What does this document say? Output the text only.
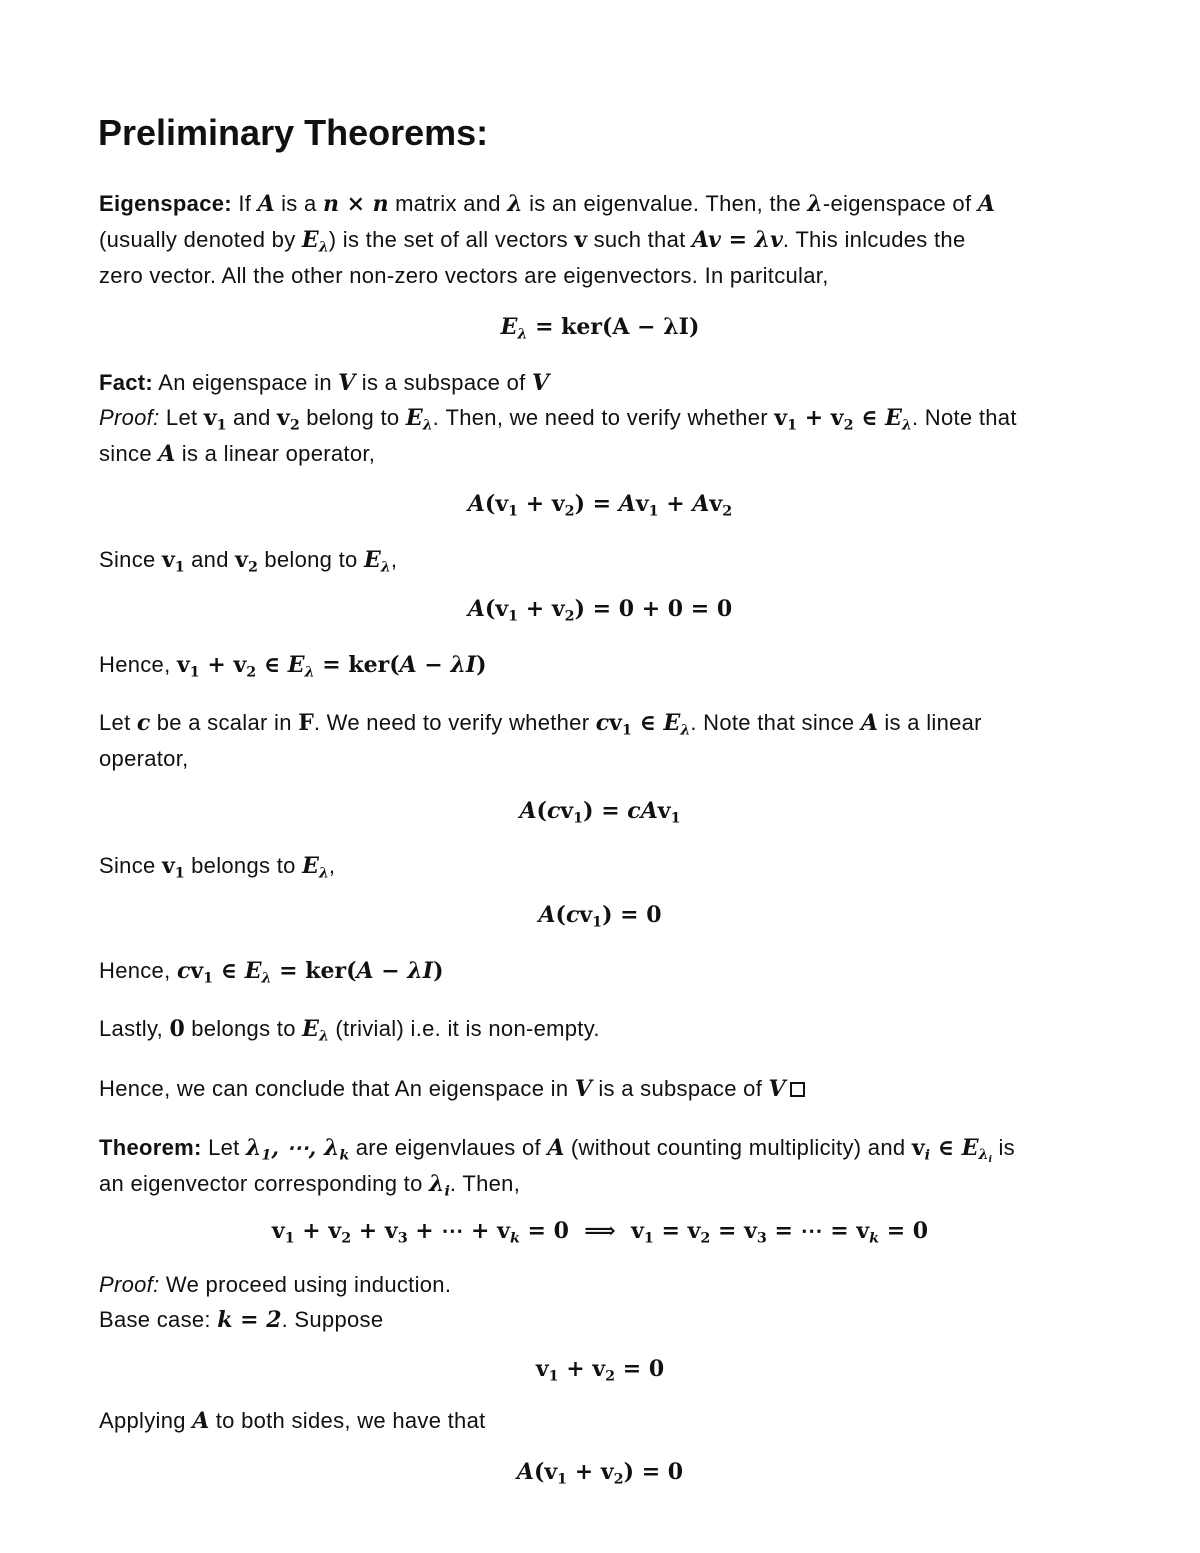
Preliminary Theorems:
Eigenspace: If A is a n × n matrix and λ is an eigenvalue. Then, the λ-eigenspace of A
(usually denoted by $E_\lambda$) is the set of all vectors v such that Av = λv. This inlcudes the
zero vector. All the other non-zero vectors are eigenvectors. In paritcular,
$E_\lambda = ker(A - \lambda I)$
Fact: An eigenspace in V is a subspace of V
Proof: Let $v_1$ and $v_2$ belong to $E_\lambda$. Then, we need to verify whether $v_1 + v_2$ ∈ $E_\lambda$. Note that
since A is a linear operator,
$A(v_1 + v_2) = Av_1 + Av_2$
Since $v_1$ and $v_2$ belong to $E_\lambda$,
$A(v_1 + v_2) = 0 + 0 = 0$
Hence, $v_1 + v_2$ ∈ $E_\lambda = ker(A - \lambda I)$
Let c be a scalar in F. We need to verify whether $cv_1$ ∈ $E_\lambda$. Note that since A is a linear
operator,
$A(cv_1) = cAv_1$
Since $v_1$ belongs to $E_\lambda$,
$A(cv_1) = 0$
Hence, $cv_1$ ∈ $E_\lambda = ker(A - \lambda I)$
Lastly, 0 belongs to $E_\lambda$ (trivial) i.e. it is non-empty.
Hence, we can conclude that An eigenspace in V is a subspace of V
Theorem: Let $\lambda_1$, ⋯, $\lambda_k$ are eigenvlaues of A (without counting multiplicity) and $v_i$ ∈ $E_{\lambda_i}$ is
an eigenvector corresponding to $\lambda_i$. Then,
$v_1 + v_2 + v_3$ + ⋯ + $v_k = 0$  ⟹  $v_1 = v_2 = v_3$ = ⋯ = $v_k = 0$
Proof: We proceed using induction.
Base case: k = 2. Suppose
$v_1 + v_2 = 0$
Applying A to both sides, we have that
$A(v_1 + v_2) = 0$
